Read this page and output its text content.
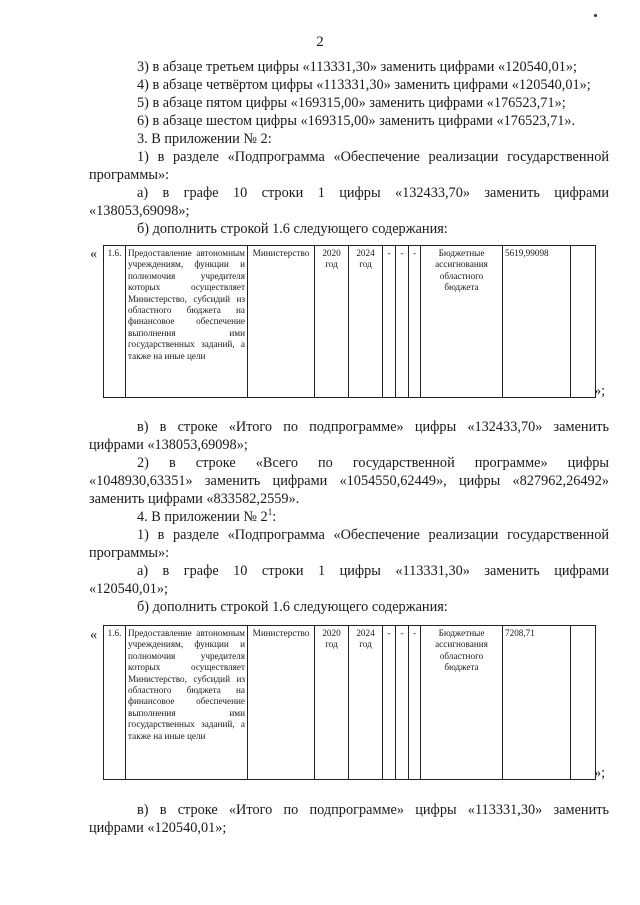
2
3) в абзаце третьем цифры «113331,30» заменить цифрами «120540,01»;
4) в абзаце четвёртом цифры «113331,30» заменить цифрами «120540,01»;
5) в абзаце пятом цифры «169315,00» заменить цифрами «176523,71»;
6) в абзаце шестом цифры «169315,00» заменить цифрами «176523,71».
3. В приложении № 2:
1) в разделе «Подпрограмма «Обеспечение реализации государственной
программы»:
а) в графе 10 строки 1 цифры «132433,70» заменить цифрами
«138053,69098»;
б) дополнить строкой 1.6 следующего содержания:
« 1.6.	Предоставление автономным учреждениям, функции и полномочия учредителя которых осуществляет Министерство, субсидий из областного бюджета на финансовое обеспечение выполнения ими государственных заданий, а также на иные цели	Министерство	2020 год	2024 год	-	-	-	Бюджетные ассигнования областного бюджета	5619,99098	
»;
в) в строке «Итого по подпрограмме» цифры «132433,70» заменить
цифрами «138053,69098»;
2) в строке «Всего по государственной программе» цифры
«1048930,63351» заменить цифрами «1054550,62449», цифры «827962,26492»
заменить цифрами «833582,2559».
4. В приложении № $2^1$:
1) в разделе «Подпрограмма «Обеспечение реализации государственной
программы»:
а) в графе 10 строки 1 цифры «113331,30» заменить цифрами
«120540,01»;
б) дополнить строкой 1.6 следующего содержания:
« 1.6.	Предоставление автономным учреждениям, функции и полномочия учредителя которых осуществляет Министерство, субсидий из областного бюджета на финансовое обеспечение выполнения ими государственных заданий, а также на иные цели	Министерство	2020 год	2024 год	-	-	-	Бюджетные ассигнования областного бюджета	7208,71	
»;
в) в строке «Итого по подпрограмме» цифры «113331,30» заменить
цифрами «120540,01»;
